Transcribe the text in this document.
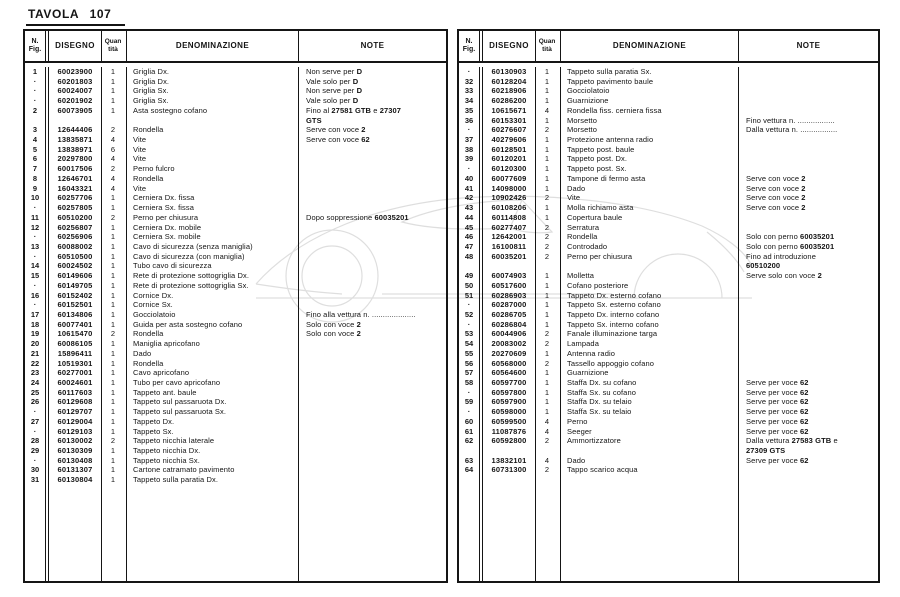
TAVOLA 107
N.
Fig. DISEGNO Quan
tità	DENOMINAZIONE	NOTE
1	60023900	1	Griglia Dx.	Non serve per D
·	60201803	1	Griglia Dx.	Vale solo per D
·	60024007	1	Griglia Sx.	Non serve per D
·	60201902	1	Griglia Sx.	Vale solo per D
2	60073905	1	Asta sostegno cofano	Fino al 27581 GTB e 27307
GTS
3	12644406	2	Rondella	Serve con voce 2
4	13835871	4	Vite	Serve con voce 62
5	13838971	6	Vite
6	20297800	4	Vite
7	60017506	2	Perno fulcro
8	12646701	4	Rondella
9	16043321	4	Vite
10	60257706	1	Cerniera Dx. fissa
·	60257805	1	Cerniera Sx. fissa
11	60510200	2	Perno per chiusura	Dopo soppressione 60035201
12	60256807	1	Cerniera Dx. mobile
·	60256906	1	Cerniera Sx. mobile
13	60088002	1	Cavo di sicurezza (senza maniglia)
·	60510500	1	Cavo di sicurezza (con maniglia)
14	60024502	1	Tubo cavo di sicurezza
15	60149606	1	Rete di protezione sottogriglia Dx.
·	60149705	1	Rete di protezione sottogriglia Sx.
16	60152402	1	Cornice Dx.
·	60152501	1	Cornice Sx.
17	60134806	1	Gocciolatoio	Fino alla vettura n. ....................
18	60077401	1	Guida per asta sostegno cofano	Solo con voce 2
19	10615470	2	Rondella	Solo con voce 2
20	60086105	1	Maniglia apricofano
21	15896411	1	Dado
22	10519301	1	Rondella
23	60277001	1	Cavo apricofano
24	60024601	1	Tubo per cavo apricofano
25	60117603	1	Tappeto ant. baule
26	60129608	1	Tappeto sul passaruota Dx.
·	60129707	1	Tappeto sul passaruota Sx.
27	60129004	1	Tappeto Dx.
·	60129103	1	Tappeto Sx.
28	60130002	2	Tappeto nicchia laterale
29	60130309	1	Tappeto nicchia Dx.
·	60130408	1	Tappeto nicchia Sx.
30	60131307	1	Cartone catramato pavimento
31	60130804	1	Tappeto sulla paratia Dx.
N.
Fig. DISEGNO Quan
tità	DENOMINAZIONE	NOTE
·	60130903	1	Tappeto sulla paratia Sx.
32	60128204	1	Tappeto pavimento baule
33	60218906	1	Gocciolatoio
34	60286200	1	Guarnizione
35	10615671	4	Rondella fiss. cerniera fissa
36	60153301	1	Morsetto	Fino vettura n. .................
·	60276607	2	Morsetto	Dalla vettura n. .................
37	40279606	1	Protezione antenna radio
38	60128501	1	Tappeto post. baule
39	60120201	1	Tappeto post. Dx.
·	60120300	1	Tappeto post. Sx.
40	60077609	1	Tampone di fermo asta	Serve con voce 2
41	14098000	1	Dado	Serve con voce 2
42	10902426	2	Vite	Serve con voce 2
43	60108206	1	Molla richiamo asta	Serve con voce 2
44	60114808	1	Copertura baule
45	60277407	2	Serratura
46	12642001	2	Rondella	Solo con perno 60035201
47	16100811	2	Controdado	Solo con perno 60035201
48	60035201	2	Perno per chiusura	Fino ad introduzione
60510200
49	60074903	1	Molletta	Serve solo con voce 2
50	60517600	1	Cofano posteriore
51	60286903	1	Tappeto Dx. esterno cofano
·	60287000	1	Tappeto Sx. esterno cofano
52	60286705	1	Tappeto Dx. interno cofano
·	60286804	1	Tappeto Sx. interno cofano
53	60044906	2	Fanale illuminazione targa
54	20083002	2	Lampada
55	20270609	1	Antenna radio
56	60568000	2	Tassello appoggio cofano
57	60564600	1	Guarnizione
58	60597700	1	Staffa Dx. su cofano	Serve per voce 62
·	60597800	1	Staffa Sx. su cofano	Serve per voce 62
59	60597900	1	Staffa Dx. su telaio	Serve per voce 62
·	60598000	1	Staffa Sx. su telaio	Serve per voce 62
60	60599500	4	Perno	Serve per voce 62
61	11087876	4	Seeger	Serve per voce 62
62	60592800	2	Ammortizzatore	Dalla vettura 27583 GTB e
27309 GTS
63	13832101	4	Dado	Serve per voce 62
64	60731300	2	Tappo scarico acqua
